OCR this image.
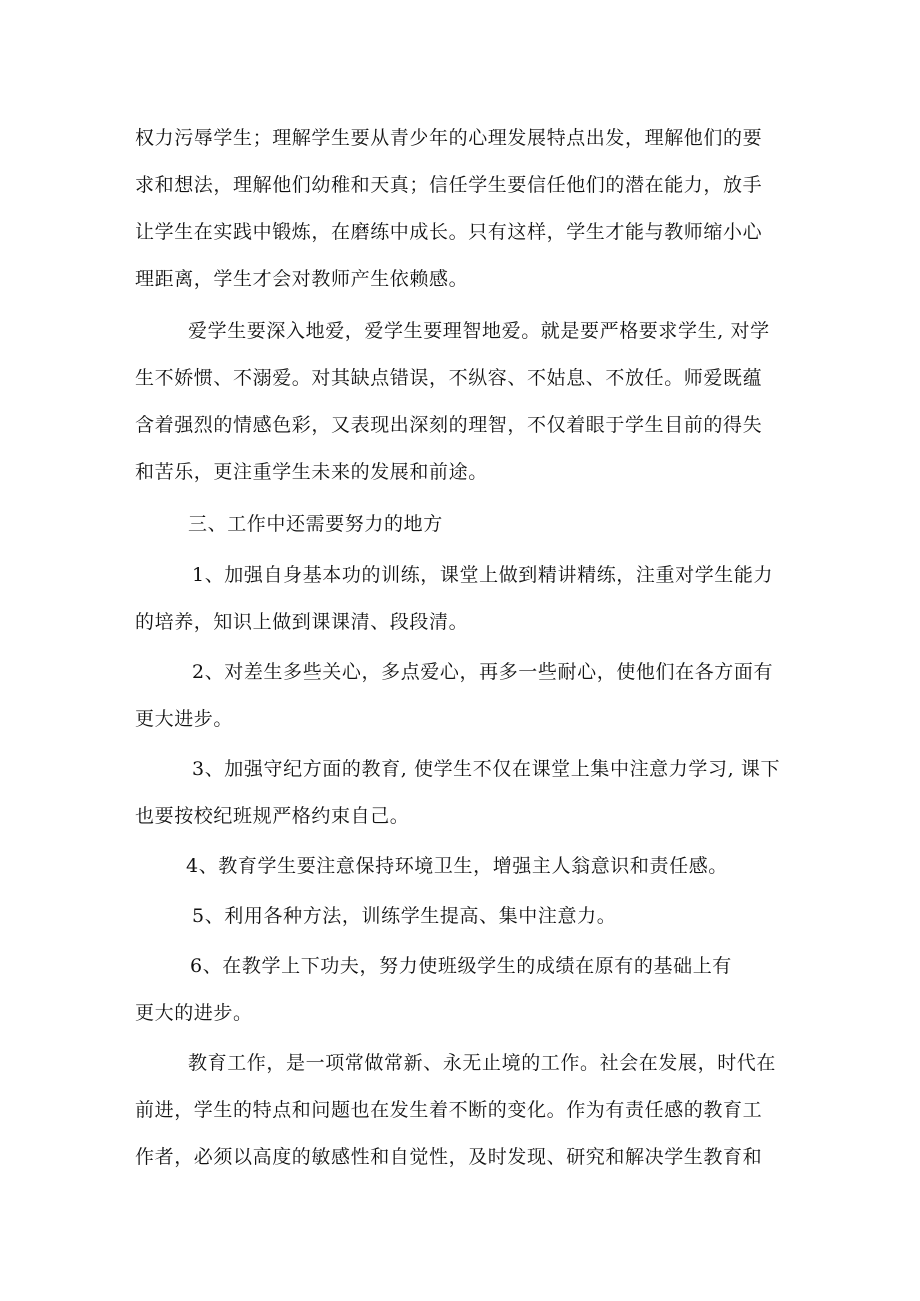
权力污辱学生；理解学生要从青少年的心理发展特点出发，理解他们的要
求和想法，理解他们幼稚和天真；信任学生要信任他们的潜在能力，放手
让学生在实践中锻炼，在磨练中成长。只有这样，学生才能与教师缩小心
理距离，学生才会对教师产生依赖感。
爱学生要深入地爱，爱学生要理智地爱。就是要严格要求学生, 对学
生不娇惯、不溺爱。对其缺点错误，不纵容、不姑息、不放任。师爱既蕴
含着强烈的情感色彩，又表现出深刻的理智，不仅着眼于学生目前的得失
和苦乐，更注重学生未来的发展和前途。
三、工作中还需要努力的地方
1、加强自身基本功的训练，课堂上做到精讲精练，注重对学生能力
的培养，知识上做到课课清、段段清。
2、对差生多些关心，多点爱心，再多一些耐心，使他们在各方面有
更大进步。
3、加强守纪方面的教育, 使学生不仅在课堂上集中注意力学习, 课下
也要按校纪班规严格约束自己。
4、教育学生要注意保持环境卫生，增强主人翁意识和责任感。
5、利用各种方法，训练学生提高、集中注意力。
6、在教学上下功夫，努力使班级学生的成绩在原有的基础上有
更大的进步。
教育工作，是一项常做常新、永无止境的工作。社会在发展，时代在
前进，学生的特点和问题也在发生着不断的变化。作为有责任感的教育工
作者，必须以高度的敏感性和自觉性，及时发现、研究和解决学生教育和
